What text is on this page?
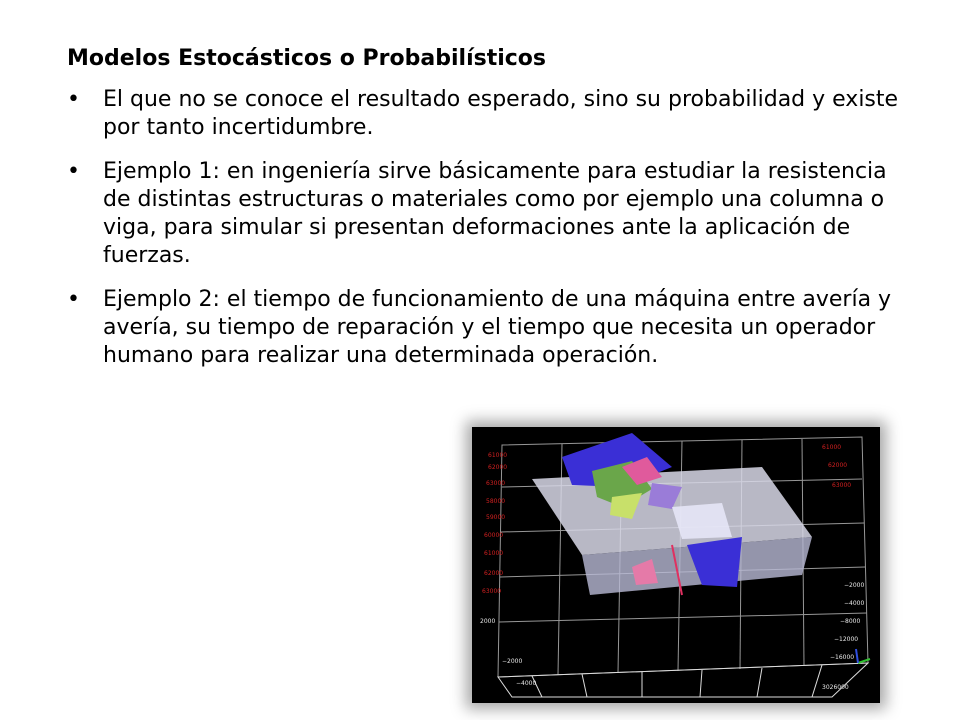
Modelos Estocásticos o Probabilísticos
• El que no se conoce el resultado esperado, sino su probabilidad y existe por tanto incertidumbre.
• Ejemplo 1: en ingeniería sirve básicamente para estudiar la resistencia de distintas estructuras o materiales como por ejemplo una columna o viga, para simular si presentan deformaciones ante la aplicación de fuerzas.
• Ejemplo 2: el tiempo de funcionamiento de una máquina entre avería y avería, su tiempo de reparación y el tiempo que necesita un operador humano para realizar una determinada operación.
61000
62000
63000
58000
59000
60000
61000
62000
63000
61000
62000
63000
−2000
−4000
−8000
−12000
−16000
3026000
−2000
−4000
2000
